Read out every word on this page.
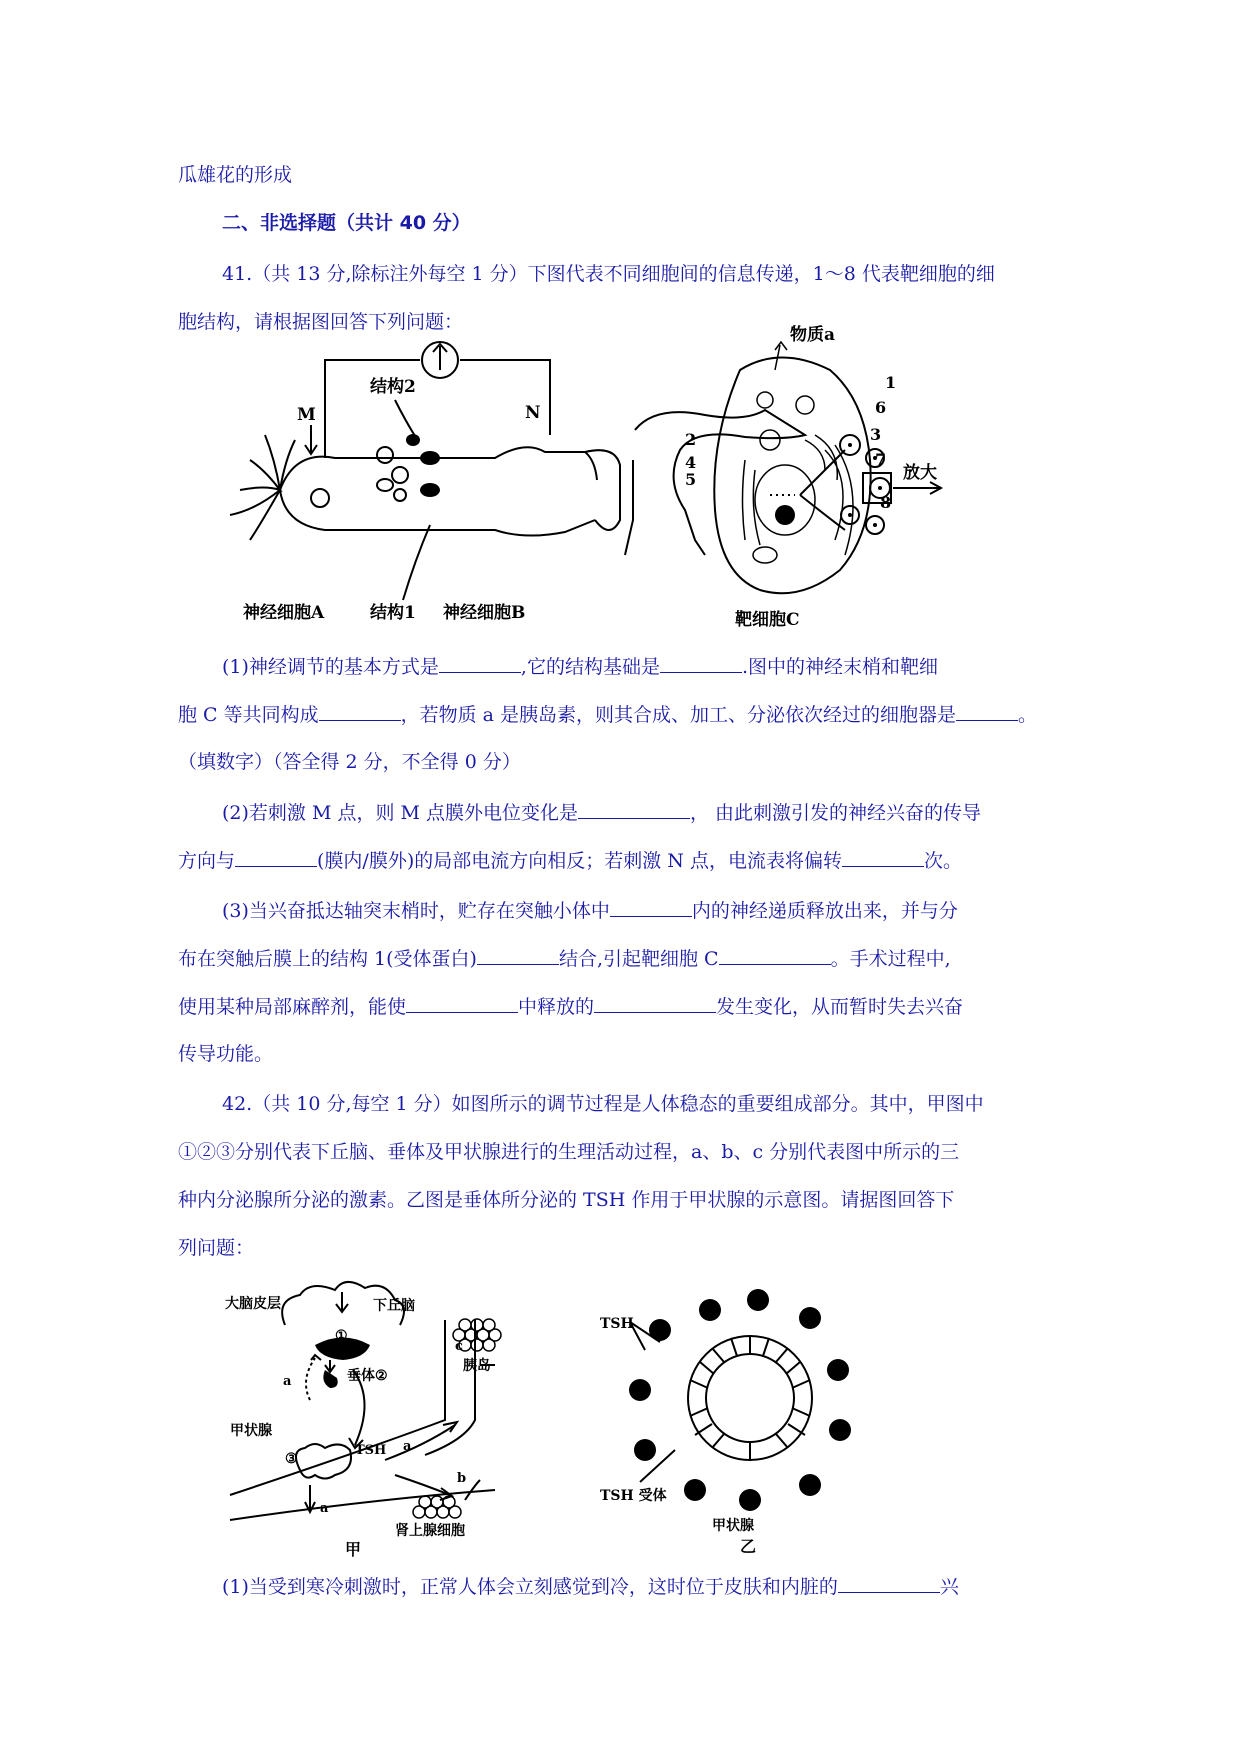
瓜雄花的形成
二、非选择题（共计 40 分）
41.（共 13 分,除标注外每空 1 分）下图代表不同细胞间的信息传递，1～8 代表靶细胞的细
胞结构，请根据图回答下列问题：
M	N
结构2
结构1
神经细胞A	神经细胞B
放大
物质a
靶细胞C
1
6
2	3
4
5
7
8
(1)神经调节的基本方式是	,它的结构基础是	.图中的神经末梢和靶细
胞 C 等共同构成	，若物质 a 是胰岛素，则其合成、加工、分泌依次经过的细胞器是	。
（填数字）（答全得 2 分，不全得 0 分）
(2)若刺激 M 点，则 M 点膜外电位变化是	， 由此刺激引发的神经兴奋的传导
方向与	(膜内/膜外)的局部电流方向相反；若刺激 N 点，电流表将偏转	次。
(3)当兴奋抵达轴突末梢时，贮存在突触小体中	内的神经递质释放出来，并与分
布在突触后膜上的结构 1(受体蛋白)	结合,引起靶细胞 C	。手术过程中,
使用某种局部麻醉剂，能使	中释放的	发生变化，从而暂时失去兴奋
传导功能。
42.（共 10 分,每空 1 分）如图所示的调节过程是人体稳态的重要组成部分。其中，甲图中
①②③分别代表下丘脑、垂体及甲状腺进行的生理活动过程，a、b、c 分别代表图中所示的三
种内分泌腺所分泌的激素。乙图是垂体所分泌的 TSH 作用于甲状腺的示意图。请据图回答下
列问题：
大脑皮层	下丘脑
①
垂体 ②
a
甲状腺
③
TSH a
a
c
胰岛
b
肾上腺细胞
甲
TSH
TSH 受体
甲状腺
乙
(1)当受到寒冷刺激时，正常人体会立刻感觉到冷，这时位于皮肤和内脏的	兴
